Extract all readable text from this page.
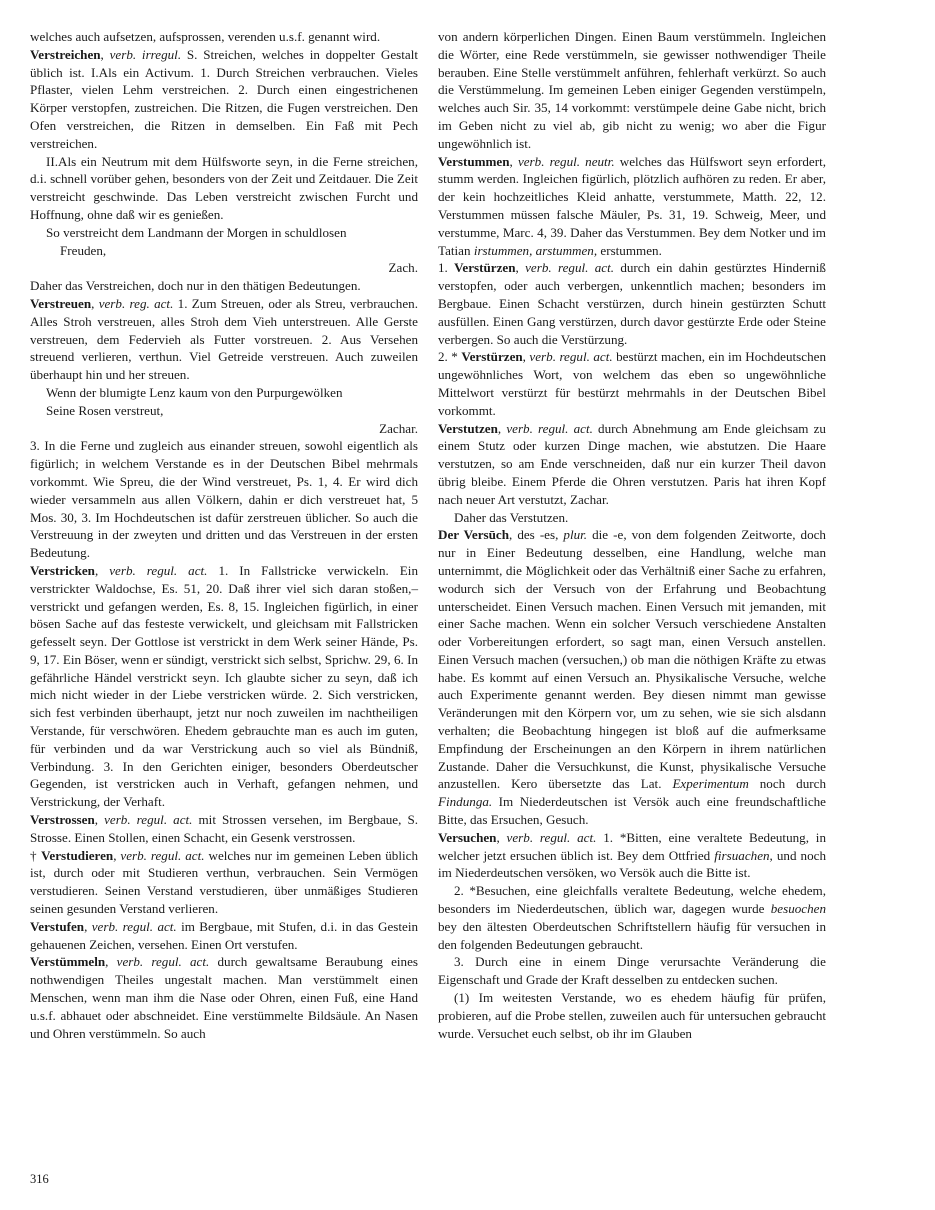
welches auch aufsetzen, aufsprossen, verenden u.s.f. genannt wird.

Verstreichen, verb. irregul. S. Streichen, welches in doppelter Gestalt üblich ist. I.Als ein Activum. 1. Durch Streichen verbrauchen. Vieles Pflaster, vielen Lehm verstreichen. 2. Durch einen eingestrichenen Körper verstopfen, zustreichen. Die Ritzen, die Fugen verstreichen. Den Ofen verstreichen, die Ritzen in demselben. Ein Faß mit Pech verstreichen.

II.Als ein Neutrum mit dem Hülfsworte seyn, in die Ferne streichen, d.i. schnell vorüber gehen, besonders von der Zeit und Zeitdauer. Die Zeit verstreicht geschwinde. Das Leben verstreicht zwischen Furcht und Hoffnung, ohne daß wir es genießen.

So verstreicht dem Landmann der Morgen in schuldlosen

Freuden,

Zach.

Daher das Verstreichen, doch nur in den thätigen Bedeutungen.

Verstreuen, verb. reg. act. 1. Zum Streuen, oder als Streu, verbrauchen. Alles Stroh verstreuen, alles Stroh dem Vieh unterstreuen. Alle Gerste verstreuen, dem Federvieh als Futter vorstreuen. 2. Aus Versehen streuend verlieren, verthun. Viel Getreide verstreuen. Auch zuweilen überhaupt hin und her streuen.

Wenn der blumigte Lenz kaum von den Purpurgewölken

Seine Rosen verstreut,

Zachar.

3. In die Ferne und zugleich aus einander streuen, sowohl eigentlich als figürlich; in welchem Verstande es in der Deutschen Bibel mehrmals vorkommt. Wie Spreu, die der Wind verstreuet, Ps. 1, 4. Er wird dich wieder versammeln aus allen Völkern, dahin er dich verstreuet hat, 5 Mos. 30, 3. Im Hochdeutschen ist dafür zerstreuen üblicher. So auch die Verstreuung in der zweyten und dritten und das Verstreuen in der ersten Bedeutung.

Verstricken, verb. regul. act. 1. In Fallstricke verwickeln. Ein verstrickter Waldochse, Es. 51, 20. Daß ihrer viel sich daran stoßen,– verstrickt und gefangen werden, Es. 8, 15. Ingleichen figürlich, in einer bösen Sache auf das festeste verwickelt, und gleichsam mit Fallstricken gefesselt seyn. Der Gottlose ist verstrickt in dem Werk seiner Hände, Ps. 9, 17. Ein Böser, wenn er sündigt, verstrickt sich selbst, Sprichw. 29, 6. In gefährliche Händel verstrickt seyn. Ich glaubte sicher zu seyn, daß ich mich nicht wieder in der Liebe verstricken würde. 2. Sich verstricken, sich fest verbinden überhaupt, jetzt nur noch zuweilen im nachtheiligen Verstande, für verschwören. Ehedem gebrauchte man es auch im guten, für verbinden und da war Verstrickung auch so viel als Bündniß, Verbindung. 3. In den Gerichten einiger, besonders Oberdeutscher Gegenden, ist verstricken auch in Verhaft, gefangen nehmen, und Verstrickung, der Verhaft.

Verstrossen, verb. regul. act. mit Strossen versehen, im Bergbaue, S. Strosse. Einen Stollen, einen Schacht, ein Gesenk verstrossen.

† Verstudieren, verb. regul. act. welches nur im gemeinen Leben üblich ist, durch oder mit Studieren verthun, verbrauchen. Sein Vermögen verstudieren. Seinen Verstand verstudieren, über unmäßiges Studieren seinen gesunden Verstand verlieren.

Verstufen, verb. regul. act. im Bergbaue, mit Stufen, d.i. in das Gestein gehauenen Zeichen, versehen. Einen Ort verstufen.

Verstümmeln, verb. regul. act. durch gewaltsame Beraubung eines nothwendigen Theiles ungestalt machen. Man verstümmelt einen Menschen, wenn man ihm die Nase oder Ohren, einen Fuß, eine Hand u.s.f. abhauet oder abschneidet. Eine verstümmelte Bildsäule. An Nasen und Ohren verstümmeln. So auch

von andern körperlichen Dingen. Einen Baum verstümmeln. Ingleichen die Wörter, eine Rede verstümmeln, sie gewisser nothwendiger Theile berauben. Eine Stelle verstümmelt anführen, fehlerhaft verkürzt. So auch die Verstümmelung. Im gemeinen Leben einiger Gegenden verstümpeln, welches auch Sir. 35, 14 vorkommt: verstümpele deine Gabe nicht, brich im Geben nicht zu viel ab, gib nicht zu wenig; wo aber die Figur ungewöhnlich ist.

Verstummen, verb. regul. neutr. welches das Hülfswort seyn erfordert, stumm werden. Ingleichen figürlich, plötzlich aufhören zu reden. Er aber, der kein hochzeitliches Kleid anhatte, verstummete, Matth. 22, 12. Verstummen müssen falsche Mäuler, Ps. 31, 19. Schweig, Meer, und verstumme, Marc. 4, 39. Daher das Verstummen. Bey dem Notker und im Tatian irstummen, arstummen, erstummen.

1. Verstürzen, verb. regul. act. durch ein dahin gestürztes Hinderniß verstopfen, oder auch verbergen, unkenntlich machen; besonders im Bergbaue. Einen Schacht verstürzen, durch hinein gestürzten Schutt ausfüllen. Einen Gang verstürzen, durch davor gestürzte Erde oder Steine verbergen. So auch die Verstürzung.

2. * Verstürzen, verb. regul. act. bestürzt machen, ein im Hochdeutschen ungewöhnliches Wort, von welchem das eben so ungewöhnliche Mittelwort verstürzt für bestürzt mehrmahls in der Deutschen Bibel vorkommt.

Verstutzen, verb. regul. act. durch Abnehmung am Ende gleichsam zu einem Stutz oder kurzen Dinge machen, wie abstutzen. Die Haare verstutzen, so am Ende verschneiden, daß nur ein kurzer Theil davon übrig bleibe. Einem Pferde die Ohren verstutzen. Paris hat ihren Kopf nach neuer Art verstutzt, Zachar.

Daher das Verstutzen.

Der Versūch, des -es, plur. die -e, von dem folgenden Zeitworte, doch nur in Einer Bedeutung desselben, eine Handlung, welche man unternimmt, die Möglichkeit oder das Verhältniß einer Sache zu erfahren, wodurch sich der Versuch von der Erfahrung und Beobachtung unterscheidet. Einen Versuch machen. Einen Versuch mit jemanden, mit einer Sache machen. Wenn ein solcher Versuch verschiedene Anstalten oder Vorbereitungen erfordert, so sagt man, einen Versuch anstellen. Einen Versuch machen (versuchen,) ob man die nöthigen Kräfte zu etwas habe. Es kommt auf einen Versuch an. Physikalische Versuche, welche auch Experimente genannt werden. Bey diesen nimmt man gewisse Veränderungen mit den Körpern vor, um zu sehen, wie sie sich alsdann verhalten; die Beobachtung hingegen ist bloß auf die aufmerksame Empfindung der Erscheinungen an den Körpern in ihrem natürlichen Zustande. Daher die Versuchkunst, die Kunst, physikalische Versuche anzustellen. Kero übersetzte das Lat. Experimentum noch durch Findunga. Im Niederdeutschen ist Versök auch eine freundschaftliche Bitte, das Ersuchen, Gesuch.

Versuchen, verb. regul. act. 1. *Bitten, eine veraltete Bedeutung, in welcher jetzt ersuchen üblich ist. Bey dem Ottfried firsuachen, und noch im Niederdeutschen versöken, wo Versök auch die Bitte ist.

2. *Besuchen, eine gleichfalls veraltete Bedeutung, welche ehedem, besonders im Niederdeutschen, üblich war, dagegen wurde besuochen bey den ältesten Oberdeutschen Schriftstellern häufig für versuchen in den folgenden Bedeutungen gebraucht.

3. Durch eine in einem Dinge verursachte Veränderung die Eigenschaft und Grade der Kraft desselben zu entdecken suchen.

(1) Im weitesten Verstande, wo es ehedem häufig für prüfen, probieren, auf die Probe stellen, zuweilen auch für untersuchen gebraucht wurde. Versuchet euch selbst, ob ihr im Glauben

316
